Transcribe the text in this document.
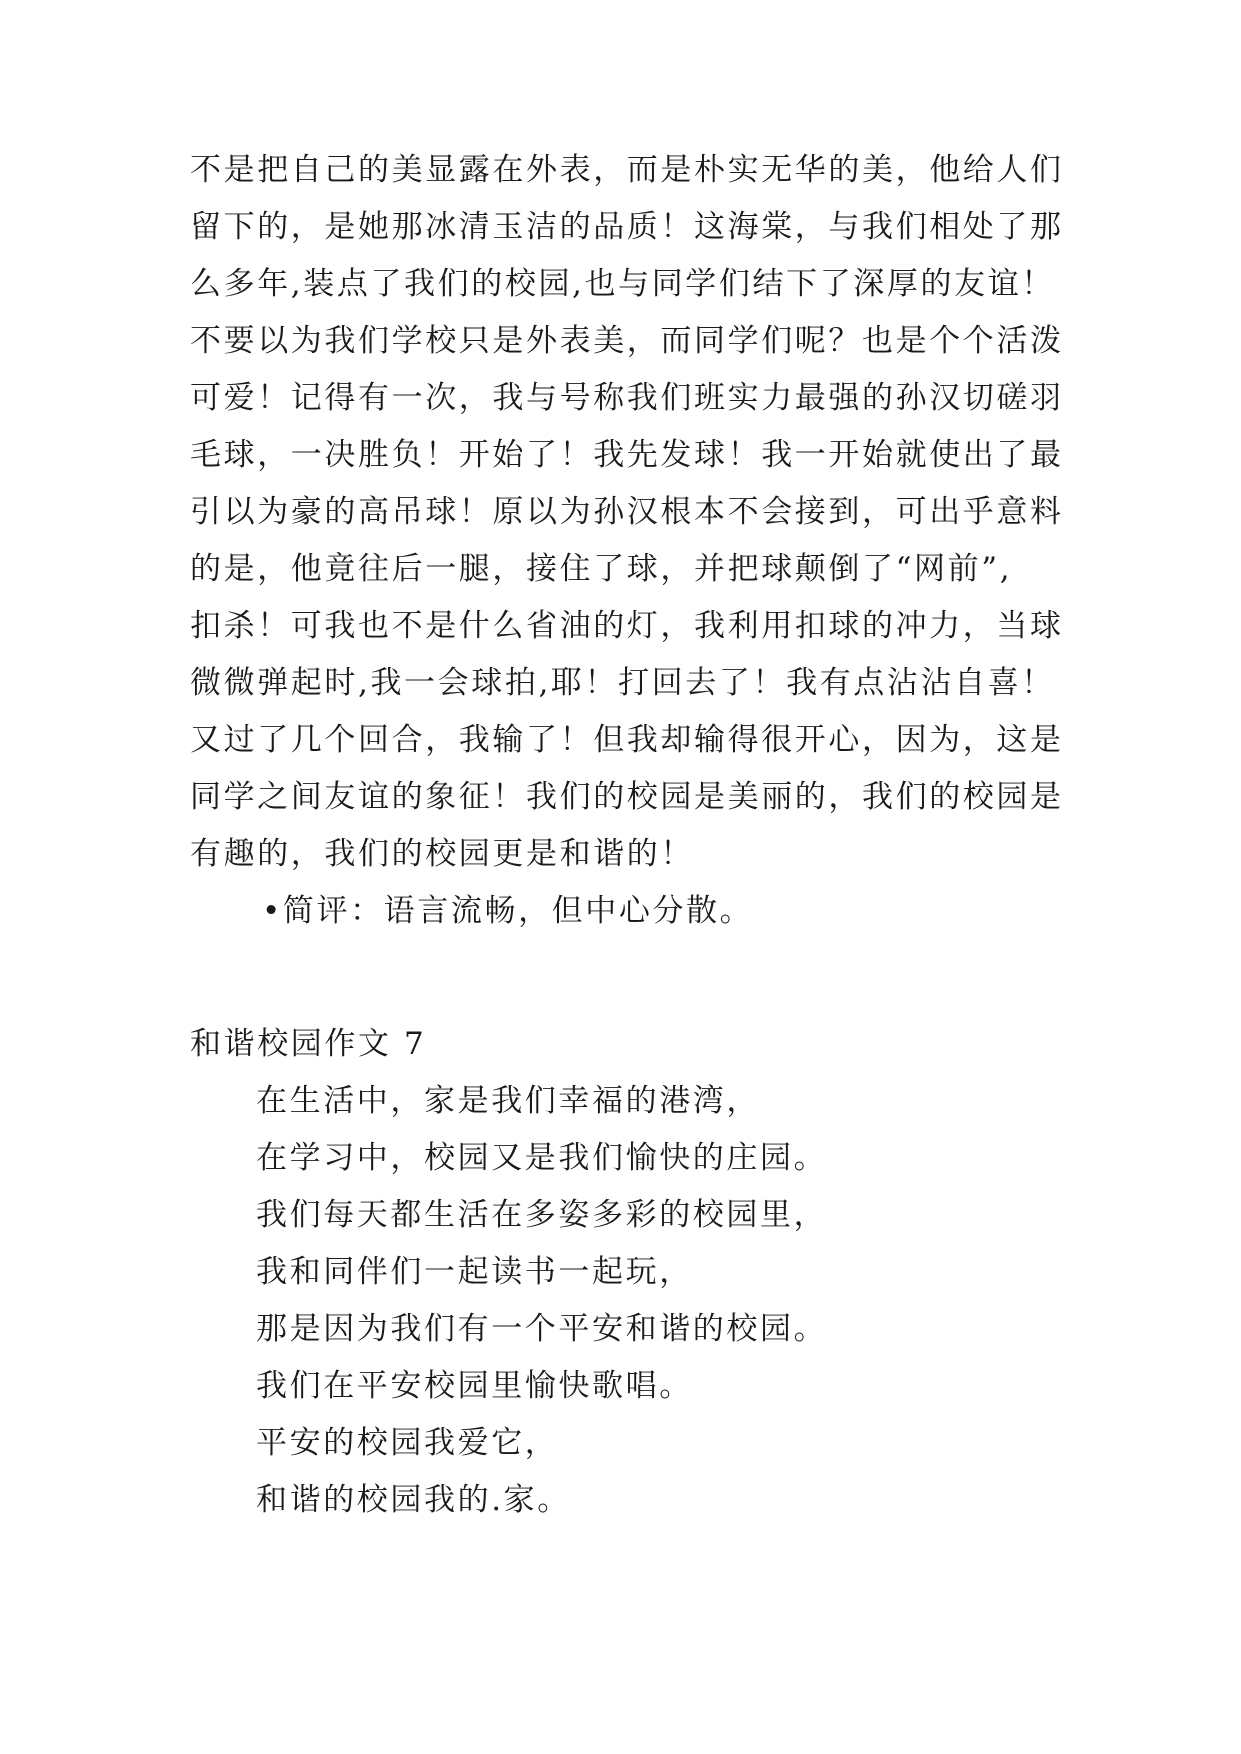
不是把自己的美显露在外表，而是朴实无华的美，他给人们

留下的，是她那冰清玉洁的品质！这海棠，与我们相处了那

么多年,装点了我们的校园,也与同学们结下了深厚的友谊！

不要以为我们学校只是外表美，而同学们呢？也是个个活泼

可爱！记得有一次，我与号称我们班实力最强的孙汉切磋羽

毛球，一决胜负！开始了！我先发球！我一开始就使出了最

引以为豪的高吊球！原以为孙汉根本不会接到，可出乎意料

的是，他竟往后一腿，接住了球，并把球颠倒了“网前”,

扣杀！可我也不是什么省油的灯，我利用扣球的冲力，当球

微微弹起时,我一会球拍,耶！打回去了！我有点沾沾自喜！

又过了几个回合，我输了！但我却输得很开心，因为，这是

同学之间友谊的象征！我们的校园是美丽的，我们的校园是

有趣的，我们的校园更是和谐的！

•简评：语言流畅，但中心分散。

和谐校园作文 7

在生活中，家是我们幸福的港湾，

在学习中，校园又是我们愉快的庄园。

我们每天都生活在多姿多彩的校园里，

我和同伴们一起读书一起玩，

那是因为我们有一个平安和谐的校园。

我们在平安校园里愉快歌唱。

平安的校园我爱它，

和谐的校园我的.家。
